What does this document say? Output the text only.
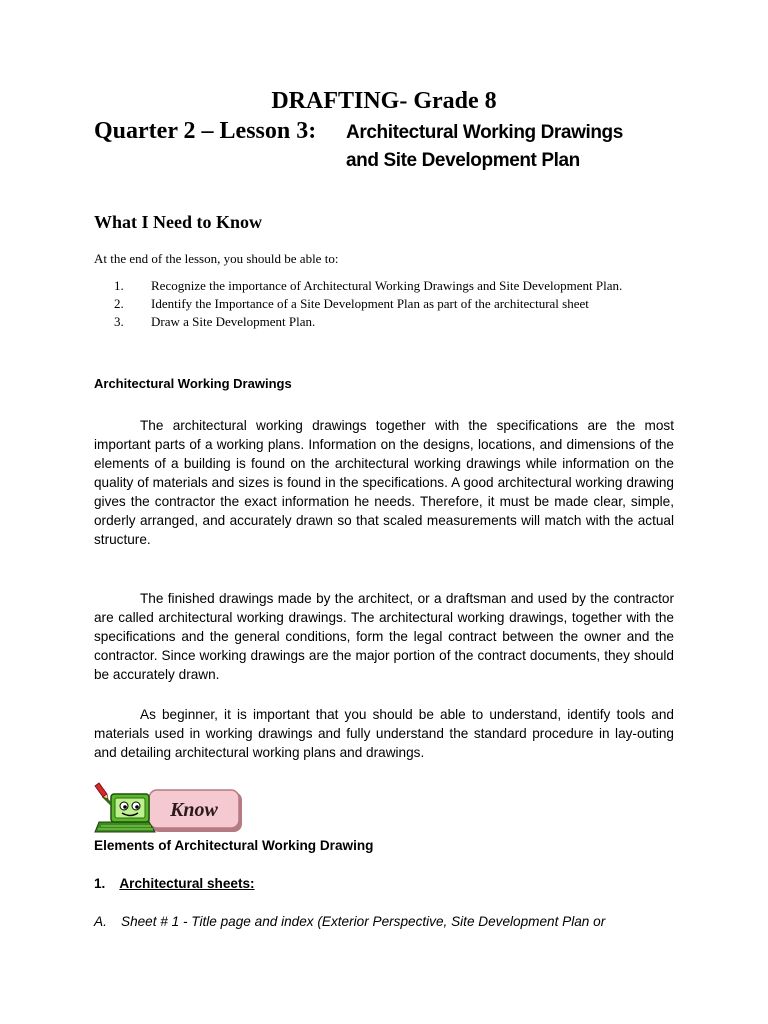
DRAFTING- Grade 8
Quarter 2 – Lesson 3: Architectural Working Drawings
and Site Development Plan
What I Need to Know
At the end of the lesson, you should be able to:
1. Recognize the importance of Architectural Working Drawings and Site Development Plan.
2. Identify the Importance of a Site Development Plan as part of the architectural sheet
3. Draw a Site Development Plan.
Architectural Working Drawings

The architectural working drawings together with the specifications are the most important parts of a working plans. Information on the designs, locations, and dimensions of the elements of a building is found on the architectural working drawings while information on the quality of materials and sizes is found in the specifications. A good architectural working drawing gives the contractor the exact information he needs. Therefore, it must be made clear, simple, orderly arranged, and accurately drawn so that scaled measurements will match with the actual structure.

The finished drawings made by the architect, or a draftsman and used by the contractor are called architectural working drawings. The architectural working drawings, together with the specifications and the general conditions, form the legal contract between the owner and the contractor. Since working drawings are the major portion of the contract documents, they should be accurately drawn.

As beginner, it is important that you should be able to understand, identify tools and materials used in working drawings and fully understand the standard procedure in lay-outing and detailing architectural working plans and drawings.

Know
Elements of Architectural Working Drawing
1. Architectural sheets:
A. Sheet # 1 - Title page and index (Exterior Perspective, Site Development Plan or
